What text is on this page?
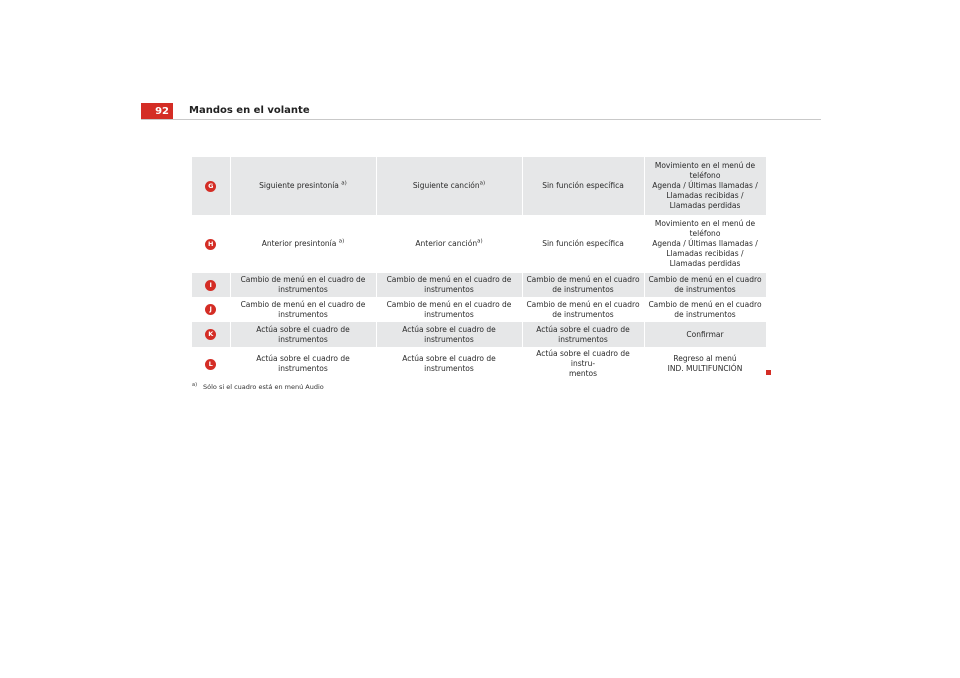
92	Mandos en el volante
G	Siguiente presintonía $^{a)}$	Siguiente canción$^{a)}$	Sin función específica	Movimiento en el menú de
teléfono
Agenda / Últimas llamadas /
Llamadas recibidas /
Llamadas perdidas
H	Anterior presintonía $^{a)}$	Anterior canción$^{a)}$	Sin función específica	Movimiento en el menú de
teléfono
Agenda / Últimas llamadas /
Llamadas recibidas /
Llamadas perdidas
I	Cambio de menú en el cuadro de
instrumentos	Cambio de menú en el cuadro de
instrumentos	Cambio de menú en el cuadro
de instrumentos	Cambio de menú en el cuadro
de instrumentos
J	Cambio de menú en el cuadro de
instrumentos	Cambio de menú en el cuadro de
instrumentos	Cambio de menú en el cuadro
de instrumentos	Cambio de menú en el cuadro
de instrumentos
K	Actúa sobre el cuadro de instrumentos	Actúa sobre el cuadro de instrumentos	Actúa sobre el cuadro de
instrumentos	Confirmar
L	Actúa sobre el cuadro de instrumentos	Actúa sobre el cuadro de instrumentos	Actúa sobre el cuadro de instru-
mentos	Regreso al menú
IND. MULTIFUNCIÓN
$^{a)}$ Sólo si el cuadro está en menú Audio
